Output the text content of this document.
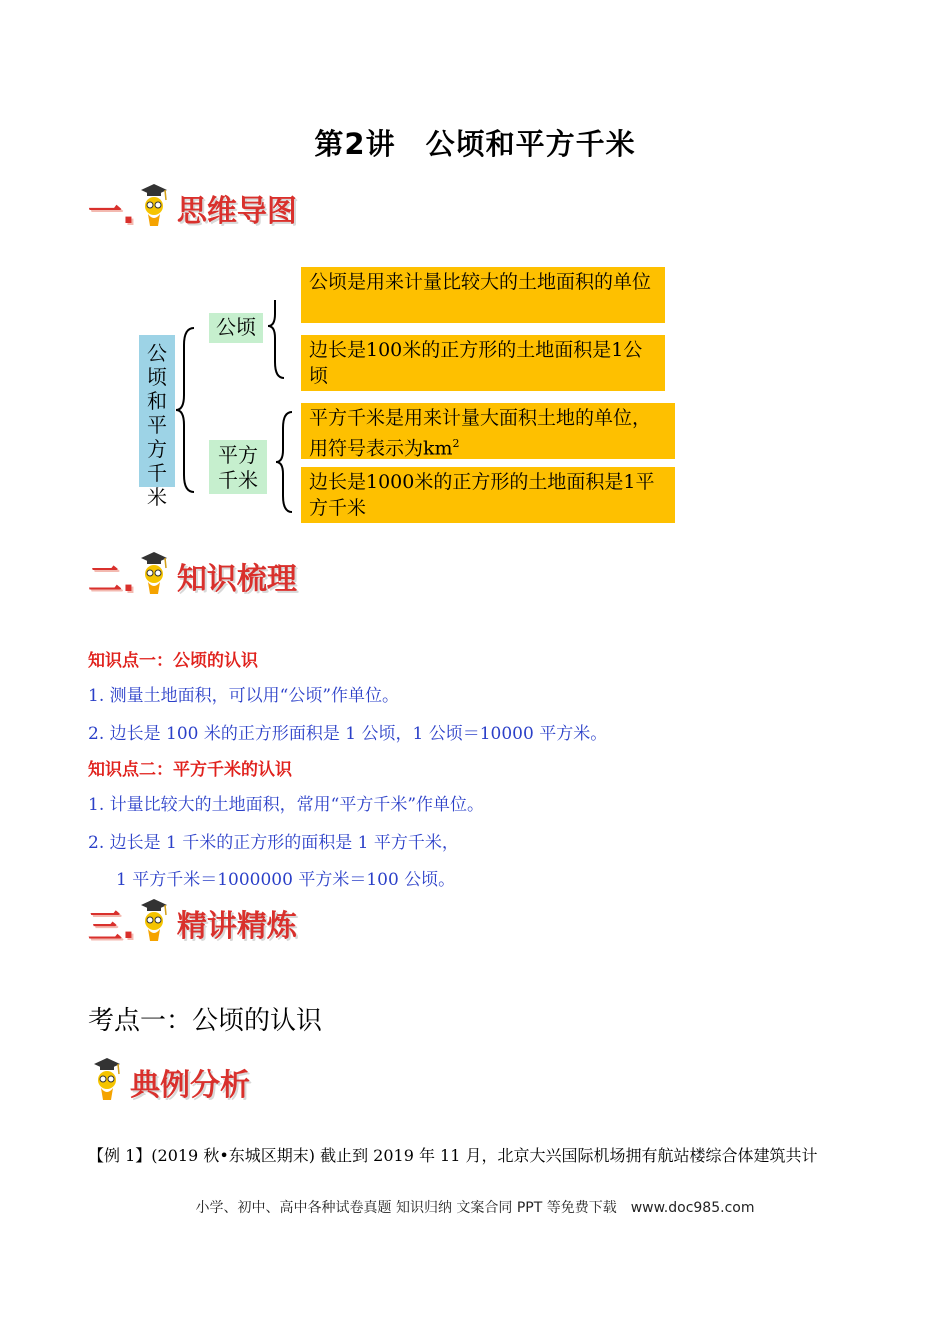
第2讲　公顷和平方千米
一. 思维导图
公顷和平方千米
公顷
平方千米
公顷是用来计量比较大的土地面积的单位
边长是100米的正方形的土地面积是1公顷
平方千米是用来计量大面积土地的单位，用符号表示为$km^2$
边长是1000米的正方形的土地面积是1平方千米
二. 知识梳理
知识点一：公顷的认识
1. 测量土地面积，可以用“公顷”作单位。
2. 边长是 100 米的正方形面积是 1 公顷，1 公顷＝10000 平方米。
知识点二：平方千米的认识
1. 计量比较大的土地面积，常用“平方千米”作单位。
2. 边长是 1 千米的正方形的面积是 1 平方千米，
1 平方千米＝1000000 平方米＝100 公顷。
三. 精讲精炼
考点一：公顷的认识
典例分析
【例 1】(2019 秋•东城区期末) 截止到 2019 年 11 月，北京大兴国际机场拥有航站楼综合体建筑共计
小学、初中、高中各种试卷真题 知识归纳 文案合同 PPT 等免费下载　www.doc985.com
